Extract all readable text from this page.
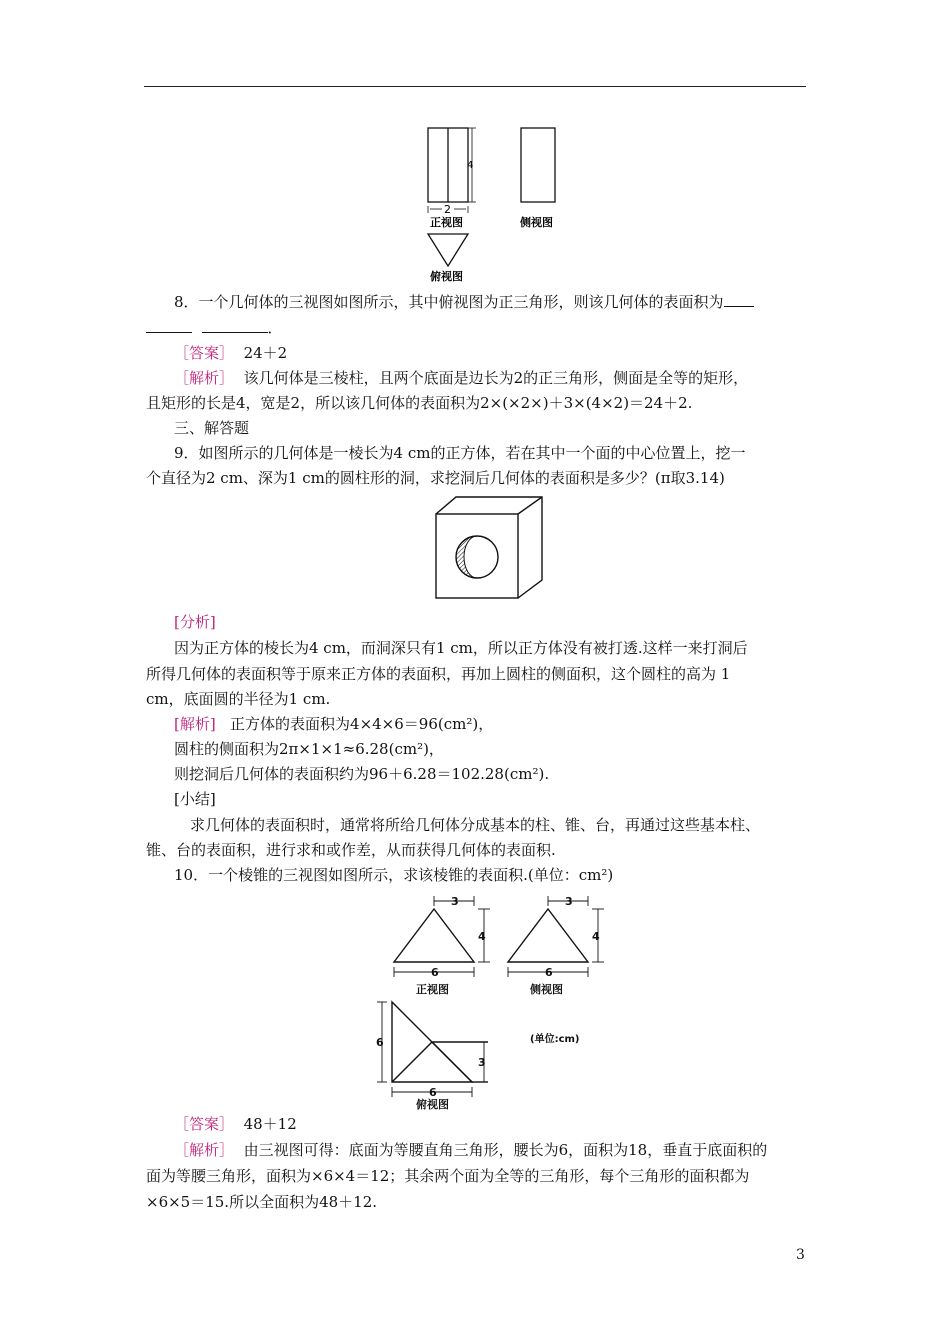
2
4
正视图	侧视图
俯视图
8．一个几何体的三视图如图所示，其中俯视图为正三角形，则该几何体的表面积为
．
［答案］ 24＋2
［解析］ 该几何体是三棱柱，且两个底面是边长为2的正三角形，侧面是全等的矩形，
且矩形的长是4，宽是2，所以该几何体的表面积为2×(×2×)＋3×(4×2)＝24＋2.
三、解答题
9．如图所示的几何体是一棱长为4 cm的正方体，若在其中一个面的中心位置上，挖一
个直径为2 cm、深为1 cm的圆柱形的洞，求挖洞后几何体的表面积是多少？(π取3.14)
[分析]
因为正方体的棱长为4 cm，而洞深只有1 cm，所以正方体没有被打透.这样一来打洞后
所得几何体的表面积等于原来正方体的表面积，再加上圆柱的侧面积，这个圆柱的高为 1
cm，底面圆的半径为1 cm.
[解析] 正方体的表面积为4×4×6＝96(cm²)，
圆柱的侧面积为2π×1×1≈6.28(cm²)，
则挖洞后几何体的表面积约为96＋6.28＝102.28(cm²).
[小结]
求几何体的表面积时，通常将所给几何体分成基本的柱、锥、台，再通过这些基本柱、
锥、台的表面积，进行求和或作差，从而获得几何体的表面积.
10．一个棱锥的三视图如图所示，求该棱锥的表面积.(单位：cm²)
3
4
6
3
4
6
6
3
6
正视图	侧视图
俯视图
(单位:cm)
［答案］ 48＋12
［解析］ 由三视图可得：底面为等腰直角三角形，腰长为6，面积为18，垂直于底面积的
面为等腰三角形，面积为×6×4＝12；其余两个面为全等的三角形，每个三角形的面积都为
×6×5＝15.所以全面积为48＋12.
3
